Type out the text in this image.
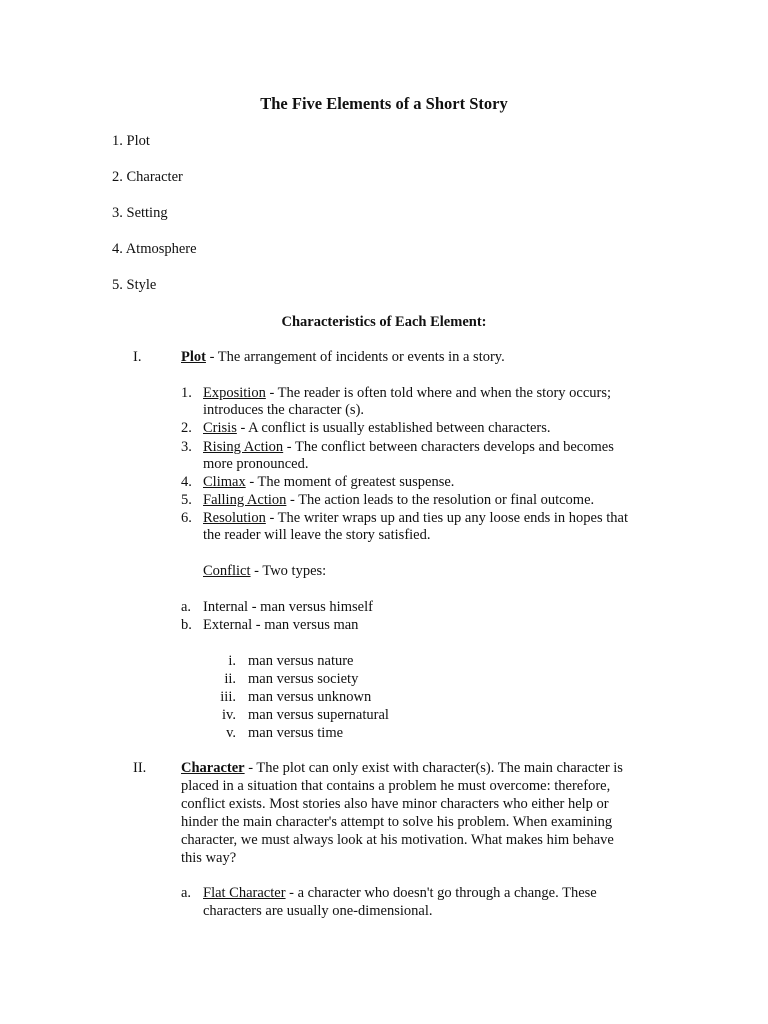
The Five Elements of a Short Story
1. Plot
2. Character
3. Setting
4. Atmosphere
5. Style
Characteristics of Each Element:
I.	Plot - The arrangement of incidents or events in a story.
1. Exposition - The reader is often told where and when the story occurs;
introduces the character (s).
2. Crisis - A conflict is usually established between characters.
3. Rising Action - The conflict between characters develops and becomes
more pronounced.
4. Climax - The moment of greatest suspense.
5. Falling Action - The action leads to the resolution or final outcome.
6. Resolution - The writer wraps up and ties up any loose ends in hopes that
the reader will leave the story satisfied.
Conflict - Two types:
a. Internal - man versus himself
b. External - man versus man
i. man versus nature
ii. man versus society
iii. man versus unknown
iv. man versus supernatural
v. man versus time
II. Character - The plot can only exist with character(s). The main character is
placed in a situation that contains a problem he must overcome: therefore,
conflict exists. Most stories also have minor characters who either help or
hinder the main character's attempt to solve his problem. When examining
character, we must always look at his motivation. What makes him behave
this way?
a. Flat Character - a character who doesn't go through a change. These
characters are usually one-dimensional.
